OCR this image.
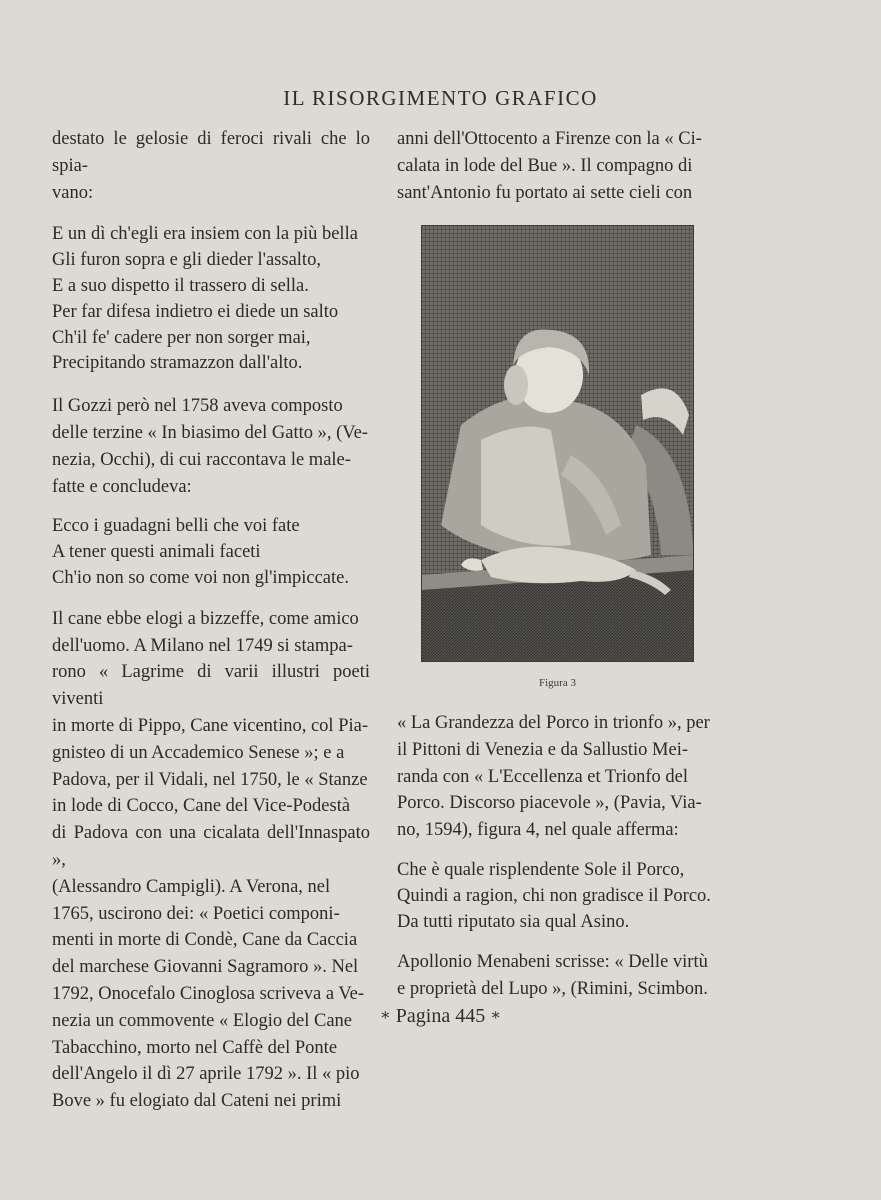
IL RISORGIMENTO GRAFICO
destato le gelosie di feroci rivali che lo spia-
vano:
E un dì ch'egli era insiem con la più bella
Gli furon sopra e gli dieder l'assalto,
E a suo dispetto il trassero di sella.
Per far difesa indietro ei diede un salto
Ch'il fe' cadere per non sorger mai,
Precipitando stramazzon dall'alto.
Il Gozzi però nel 1758 aveva composto
delle terzine « In biasimo del Gatto », (Ve-
nezia, Occhi), di cui raccontava le male-
fatte e concludeva:
Ecco i guadagni belli che voi fate
A tener questi animali faceti
Ch'io non so come voi non gl'impiccate.
Il cane ebbe elogi a bizzeffe, come amico
dell'uomo. A Milano nel 1749 si stampa-
rono « Lagrime di varii illustri poeti viventi
in morte di Pippo, Cane vicentino, col Pia-
gnisteo di un Accademico Senese »; e a
Padova, per il Vidali, nel 1750, le « Stanze
in lode di Cocco, Cane del Vice-Podestà
di Padova con una cicalata dell'Innaspato »,
(Alessandro Campigli). A Verona, nel
1765, uscirono dei: « Poetici componi-
menti in morte di Condè, Cane da Caccia
del marchese Giovanni Sagramoro ». Nel
1792, Onocefalo Cinoglosa scriveva a Ve-
nezia un commovente « Elogio del Cane
Tabacchino, morto nel Caffè del Ponte
dell'Angelo il dì 27 aprile 1792 ». Il « pio
Bove » fu elogiato dal Cateni nei primi
anni dell'Ottocento a Firenze con la « Ci-
calata in lode del Bue ». Il compagno di
sant'Antonio fu portato ai sette cieli con
Figura 3
« La Grandezza del Porco in trionfo », per
il Pittoni di Venezia e da Sallustio Mei-
randa con « L'Eccellenza et Trionfo del
Porco. Discorso piacevole », (Pavia, Via-
no, 1594), figura 4, nel quale afferma:
Che è quale risplendente Sole il Porco,
Quindi a ragion, chi non gradisce il Porco.
Da tutti riputato sia qual Asino.
Apollonio Menabeni scrisse: « Delle virtù
e proprietà del Lupo », (Rimini, Scimbon.
∗ Pagina 445 ∗
